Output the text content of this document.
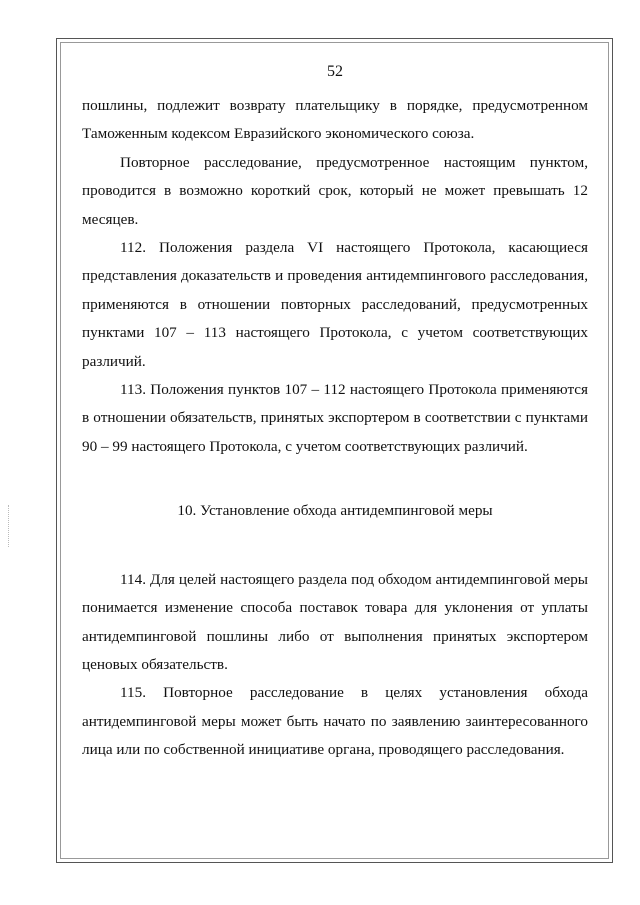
52

пошлины, подлежит возврату плательщику в порядке, предусмотренном Таможенным кодексом Евразийского экономического союза.

Повторное расследование, предусмотренное настоящим пунктом, проводится в возможно короткий срок, который не может превышать 12 месяцев.

112. Положения раздела VI настоящего Протокола, касающиеся представления доказательств и проведения антидемпингового расследования, применяются в отношении повторных расследований, предусмотренных пунктами 107 – 113 настоящего Протокола, с учетом соответствующих различий.

113. Положения пунктов 107 – 112 настоящего Протокола применяются в отношении обязательств, принятых экспортером в соответствии с пунктами 90 – 99 настоящего Протокола, с учетом соответствующих различий.

10. Установление обхода антидемпинговой меры

114. Для целей настоящего раздела под обходом антидемпинговой меры понимается изменение способа поставок товара для уклонения от уплаты антидемпинговой пошлины либо от выполнения принятых экспортером ценовых обязательств.

115. Повторное расследование в целях установления обхода антидемпинговой меры может быть начато по заявлению заинтересованного лица или по собственной инициативе органа, проводящего расследования.
